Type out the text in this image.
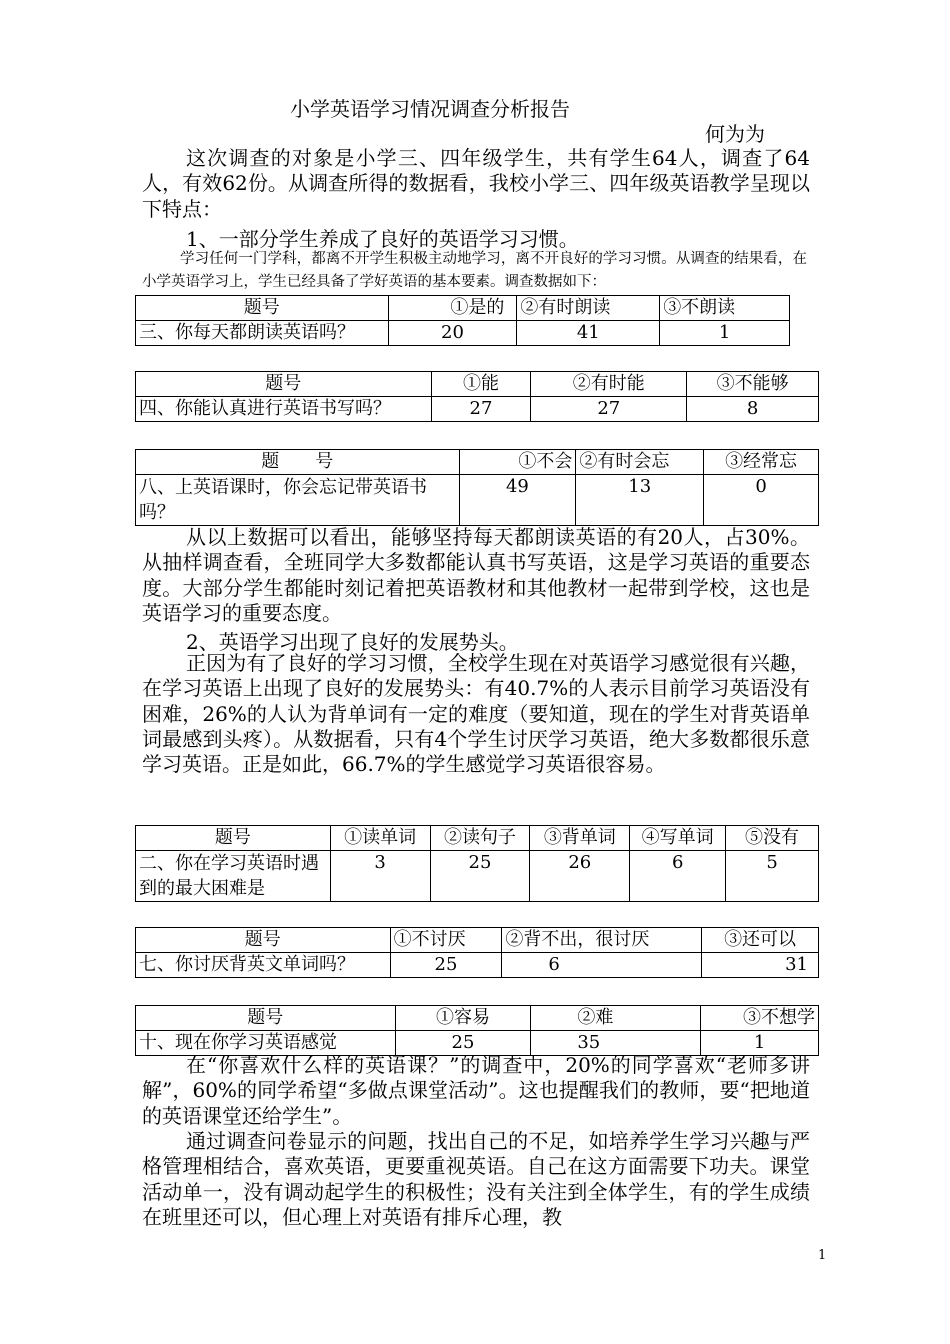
小学英语学习情况调查分析报告
何为为

这次调查的对象是小学三、四年级学生，共有学生64人，调查了64人，有效62份。从调查所得的数据看，我校小学三、四年级英语教学呈现以下特点：

1、一部分学生养成了良好的英语学习习惯。

学习任何一门学科，都离不开学生积极主动地学习，离不开良好的学习习惯。从调查的结果看，在小学英语学习上，学生已经具备了学好英语的基本要素。调查数据如下：

题号	①是的	②有时朗读	③不朗读
三、你每天都朗读英语吗？	20	41	1
题号	①能	②有时能	③不能够
四、你能认真进行英语书写吗？	27	27	8
题　　号	①不会	②有时会忘	③经常忘
八、上英语课时，你会忘记带英语书吗？	49	13	0

从以上数据可以看出，能够坚持每天都朗读英语的有20人，占30%。从抽样调查看，全班同学大多数都能认真书写英语，这是学习英语的重要态度。大部分学生都能时刻记着把英语教材和其他教材一起带到学校，这也是英语学习的重要态度。

2、英语学习出现了良好的发展势头。

正因为有了良好的学习习惯，全校学生现在对英语学习感觉很有兴趣，在学习英语上出现了良好的发展势头：有40.7%的人表示目前学习英语没有困难，26%的人认为背单词有一定的难度（要知道，现在的学生对背英语单词最感到头疼）。从数据看，只有4个学生讨厌学习英语，绝大多数都很乐意学习英语。正是如此，66.7%的学生感觉学习英语很容易。

题号	①读单词	②读句子	③背单词	④写单词	⑤没有
二、你在学习英语时遇到的最大困难是	3	25	26	6	5
题号	①不讨厌	②背不出，很讨厌	③还可以
七、你讨厌背英文单词吗？	25	6	31
题号	①容易	②难	③不想学
十、现在你学习英语感觉	25	35	1

在“你喜欢什么样的英语课？”的调查中，20%的同学喜欢“老师多讲解”，60%的同学希望“多做点课堂活动”。这也提醒我们的教师，要“把地道的英语课堂还给学生”。

通过调查问卷显示的问题，找出自己的不足，如培养学生学习兴趣与严格管理相结合，喜欢英语，更要重视英语。自己在这方面需要下功夫。课堂活动单一，没有调动起学生的积极性；没有关注到全体学生，有的学生成绩在班里还可以，但心理上对英语有排斥心理，教

1
